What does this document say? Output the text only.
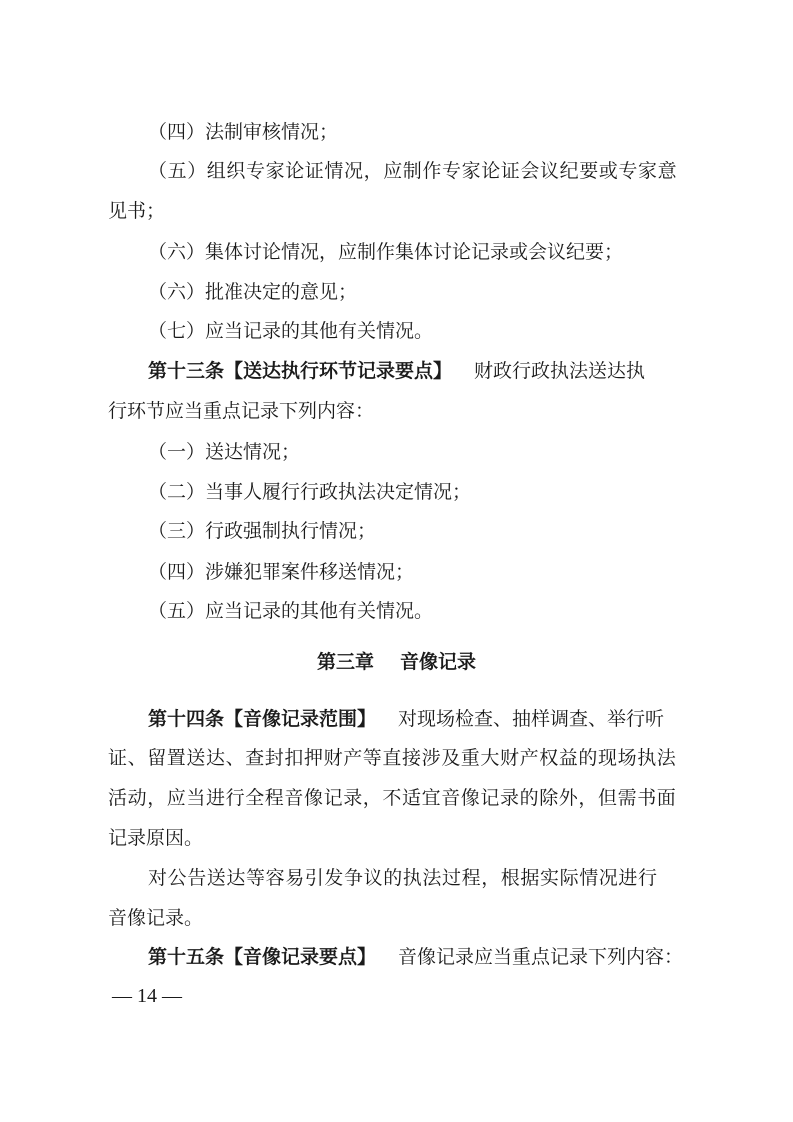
（四）法制审核情况；
（五）组织专家论证情况，应制作专家论证会议纪要或专家意
见书；
（六）集体讨论情况，应制作集体讨论记录或会议纪要；
（六）批准决定的意见；
（七）应当记录的其他有关情况。
第十三条【送达执行环节记录要点】 财政行政执法送达执
行环节应当重点记录下列内容：
（一）送达情况；
（二）当事人履行行政执法决定情况；
（三）行政强制执行情况；
（四）涉嫌犯罪案件移送情况；
（五）应当记录的其他有关情况。
第三章 音像记录
第十四条【音像记录范围】 对现场检查、抽样调查、举行听
证、留置送达、查封扣押财产等直接涉及重大财产权益的现场执法
活动，应当进行全程音像记录，不适宜音像记录的除外，但需书面
记录原因。
对公告送达等容易引发争议的执法过程，根据实际情况进行
音像记录。
第十五条【音像记录要点】 音像记录应当重点记录下列内容：
— 14 —
